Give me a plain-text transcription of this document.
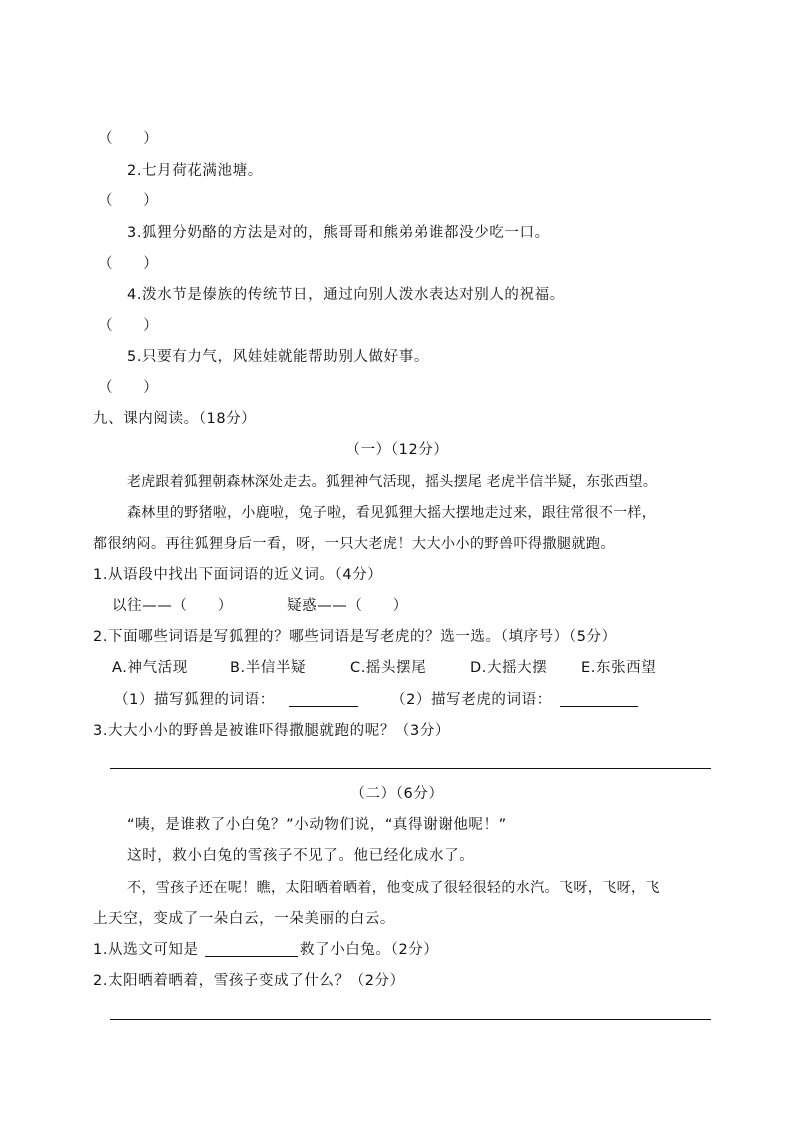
（　　）
2.七月荷花满池塘。
（　　）
3.狐狸分奶酪的方法是对的，熊哥哥和熊弟弟谁都没少吃一口。
（　　）
4.泼水节是傣族的传统节日，通过向别人泼水表达对别人的祝福。
（　　）
5.只要有力气，风娃娃就能帮助别人做好事。
（　　）
九、课内阅读。（18分）
（一）（12分）
老虎跟着狐狸朝森林深处走去。狐狸神气活现，摇头摆尾 老虎半信半疑，东张西望。
森林里的野猪啦，小鹿啦，兔子啦，看见狐狸大摇大摆地走过来，跟往常很不一样，
都很纳闷。再往狐狸身后一看，呀，一只大老虎！大大小小的野兽吓得撒腿就跑。
1.从语段中找出下面词语的近义词。（4分）
以往——（　　）	疑惑——（　　）
2.下面哪些词语是写狐狸的？哪些词语是写老虎的？选一选。（填序号）（5分）
A.神气活现	B.半信半疑	C.摇头摆尾	D.大摇大摆 E.东张西望
（1）描写狐狸的词语：	（2）描写老虎的词语：
3.大大小小的野兽是被谁吓得撒腿就跑的呢？（3分）
（二）（6分）
“咦，是谁救了小白兔？”小动物们说，“真得谢谢他呢！”
这时，救小白兔的雪孩子不见了。他已经化成水了。
不，雪孩子还在呢！瞧，太阳晒着晒着，他变成了很轻很轻的水汽。飞呀，飞呀，飞
上天空，变成了一朵白云，一朵美丽的白云。
1.从选文可知是	救了小白兔。（2分）
2.太阳晒着晒着，雪孩子变成了什么？（2分）
